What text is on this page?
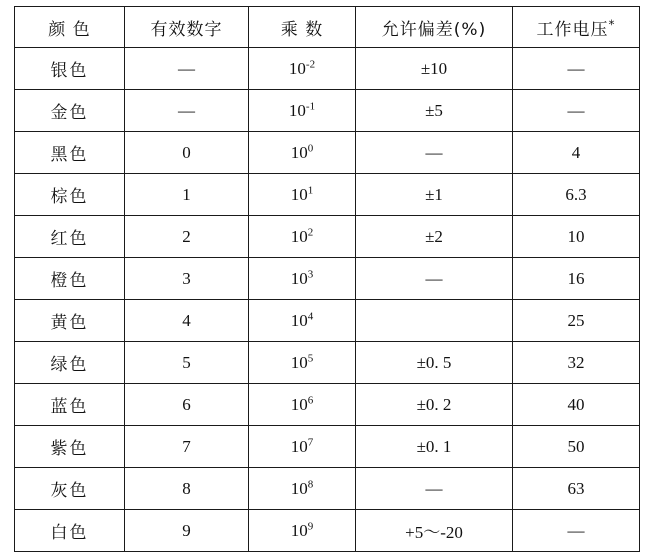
颜 色	有效数字	乘 数	允许偏差(%)	工作电压*
银色	—	$10^{-2}$	±10	—
金色	—	$10^{-1}$	±5	—
黑色	0	$10^0$	—	4
棕色	1	$10^1$	±1	6.3
红色	2	$10^2$	±2	10
橙色	3	$10^3$	—	16
黄色	4	$10^4$		25
绿色	5	$10^5$	±0. 5	32
蓝色	6	$10^6$	±0. 2	40
紫色	7	$10^7$	±0. 1	50
灰色	8	$10^8$	—	63
白色	9	$10^9$	+5～-20	—
